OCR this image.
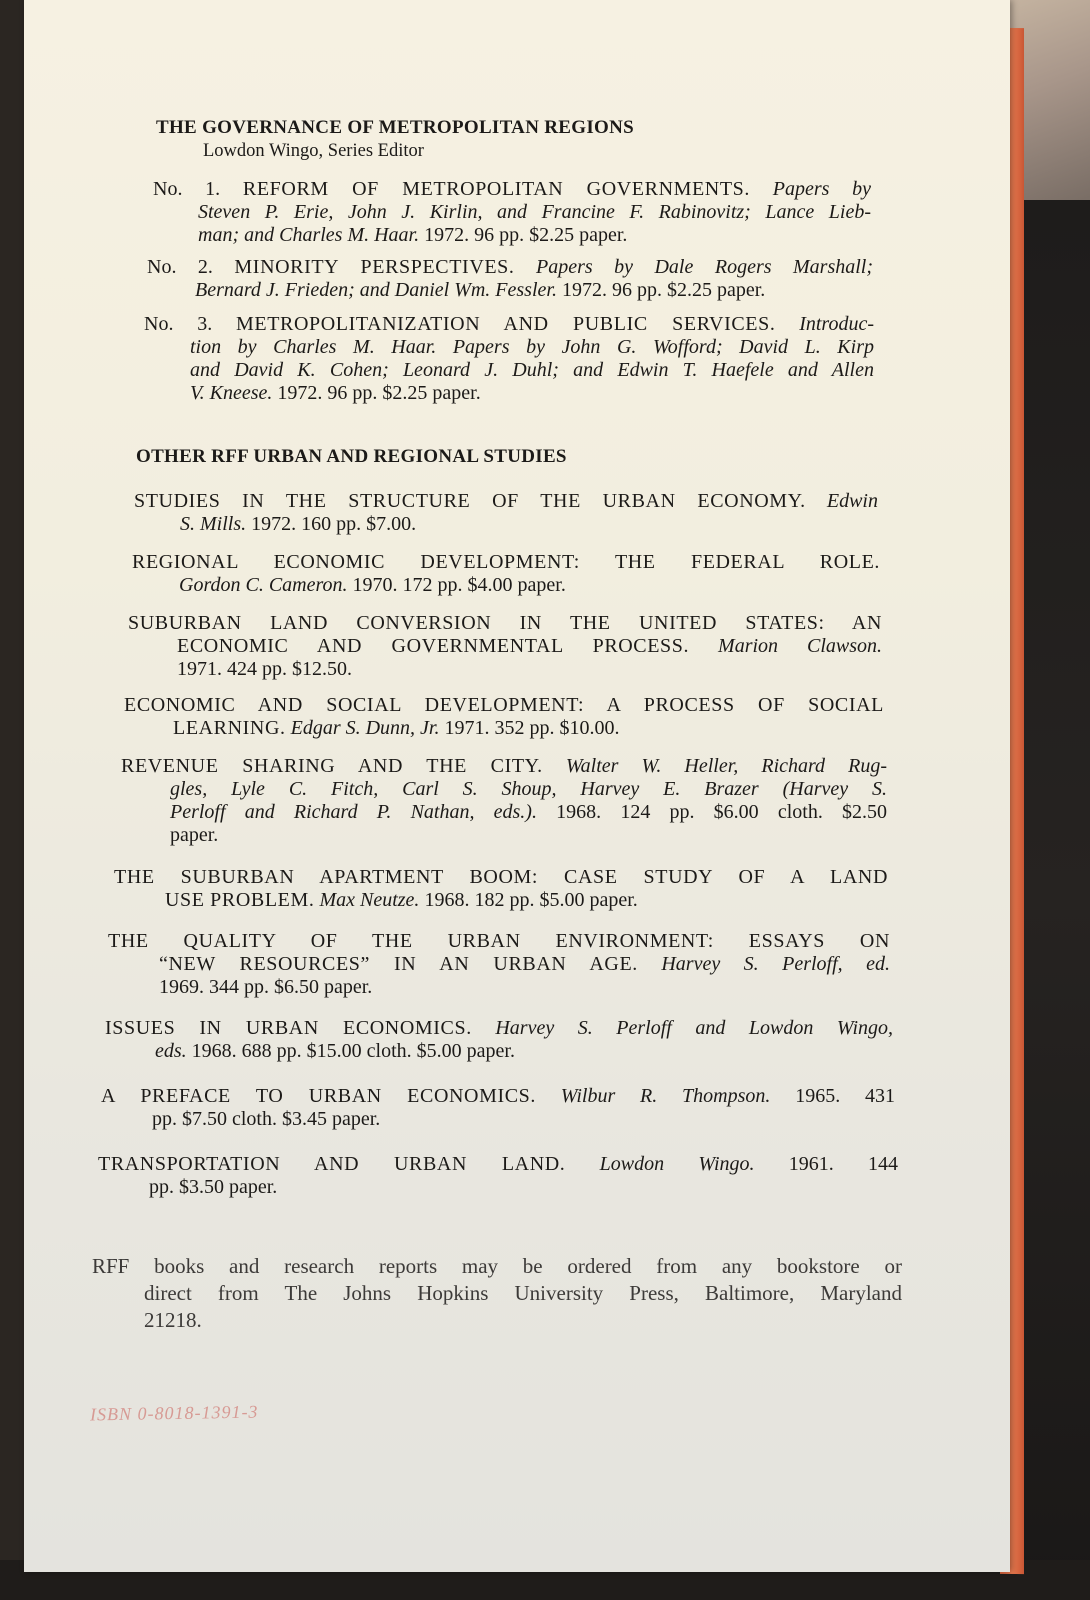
THE GOVERNANCE OF METROPOLITAN REGIONS
Lowdon Wingo, Series Editor
No. 1. REFORM OF METROPOLITAN GOVERNMENTS. Papers by
Steven P. Erie, John J. Kirlin, and Francine F. Rabinovitz; Lance Lieb-
man; and Charles M. Haar. 1972. 96 pp. $2.25 paper.
No. 2. MINORITY PERSPECTIVES. Papers by Dale Rogers Marshall;
Bernard J. Frieden; and Daniel Wm. Fessler. 1972. 96 pp. $2.25 paper.
No. 3. METROPOLITANIZATION AND PUBLIC SERVICES. Introduc-
tion by Charles M. Haar. Papers by John G. Wofford; David L. Kirp
and David K. Cohen; Leonard J. Duhl; and Edwin T. Haefele and Allen
V. Kneese. 1972. 96 pp. $2.25 paper.
OTHER RFF URBAN AND REGIONAL STUDIES
STUDIES IN THE STRUCTURE OF THE URBAN ECONOMY. Edwin
S. Mills. 1972. 160 pp. $7.00.
REGIONAL ECONOMIC DEVELOPMENT: THE FEDERAL ROLE.
Gordon C. Cameron. 1970. 172 pp. $4.00 paper.
SUBURBAN LAND CONVERSION IN THE UNITED STATES: AN
ECONOMIC AND GOVERNMENTAL PROCESS. Marion Clawson.
1971. 424 pp. $12.50.
ECONOMIC AND SOCIAL DEVELOPMENT: A PROCESS OF SOCIAL
LEARNING. Edgar S. Dunn, Jr. 1971. 352 pp. $10.00.
REVENUE SHARING AND THE CITY. Walter W. Heller, Richard Rug-
gles, Lyle C. Fitch, Carl S. Shoup, Harvey E. Brazer (Harvey S.
Perloff and Richard P. Nathan, eds.). 1968. 124 pp. $6.00 cloth. $2.50
paper.
THE SUBURBAN APARTMENT BOOM: CASE STUDY OF A LAND
USE PROBLEM. Max Neutze. 1968. 182 pp. $5.00 paper.
THE QUALITY OF THE URBAN ENVIRONMENT: ESSAYS ON
“NEW RESOURCES” IN AN URBAN AGE. Harvey S. Perloff, ed.
1969. 344 pp. $6.50 paper.
ISSUES IN URBAN ECONOMICS. Harvey S. Perloff and Lowdon Wingo,
eds. 1968. 688 pp. $15.00 cloth. $5.00 paper.
A PREFACE TO URBAN ECONOMICS. Wilbur R. Thompson. 1965. 431
pp. $7.50 cloth. $3.45 paper.
TRANSPORTATION AND URBAN LAND. Lowdon Wingo. 1961. 144
pp. $3.50 paper.
RFF books and research reports may be ordered from any bookstore or
direct from The Johns Hopkins University Press, Baltimore, Maryland
21218.
ISBN 0-8018-1391-3
